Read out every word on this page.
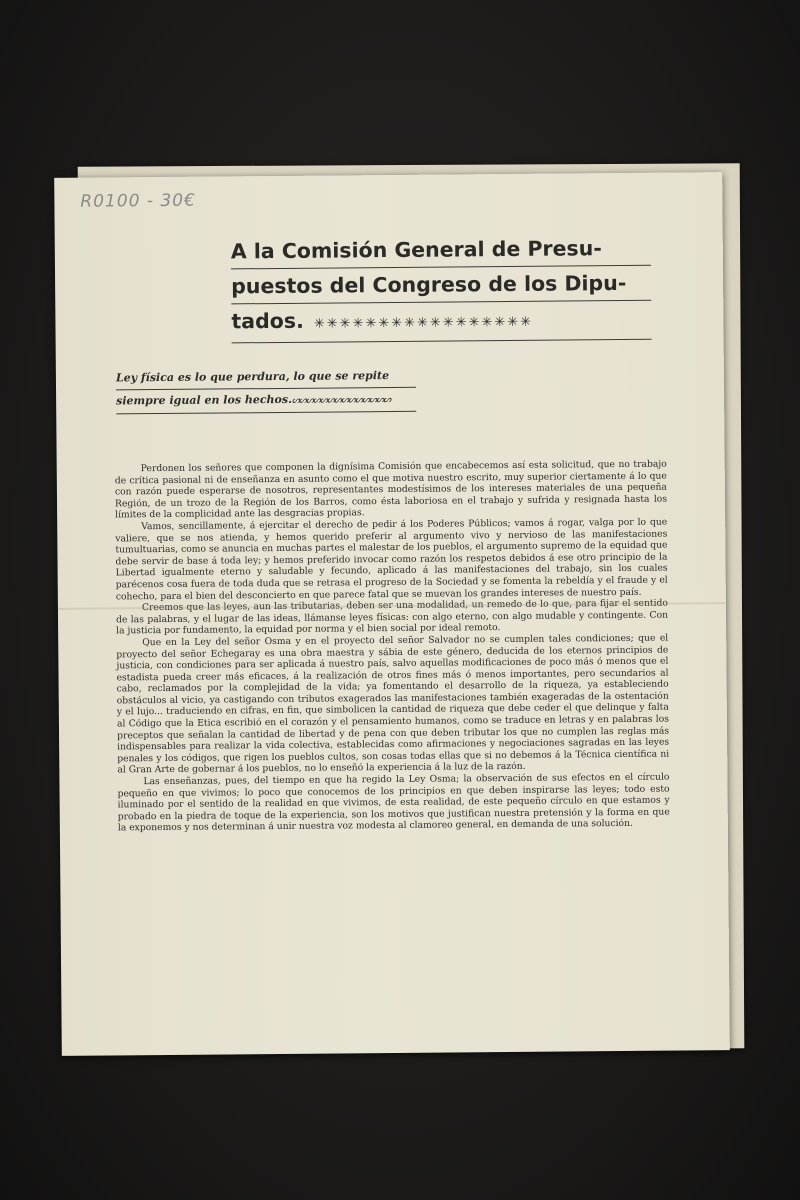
R0100 - 30€
A la Comisión General de Presu-
puestos del Congreso de los Dipu-
tados. ✳✳✳✳✳✳✳✳✳✳✳✳✳✳✳✳✳
Ley física es lo que perdura, lo que se repite
siempre igual en los hechos.ᔕᔕᔕᔕᔕᔕᔕᔕᔕᔕᔕᔕᔕᔕ

Perdonen los señores que componen la dignísima Comisión que encabecemos así esta solicitud, que no trabajo de crítica pasional ni de enseñanza en asunto como el que motiva nuestro escrito, muy superior ciertamente á lo que con razón puede esperarse de nosotros, representantes modestísimos de los intereses materiales de una pequeña Región, de un trozo de la Región de los Barros, como ésta laboriosa en el trabajo y sufrida y resignada hasta los límites de la complicidad ante las desgracias propias.

Vamos, sencillamente, á ejercitar el derecho de pedir á los Poderes Públicos; vamos á rogar, valga por lo que valiere, que se nos atienda, y hemos querido preferir al argumento vivo y nervioso de las manifestaciones tumultuarias, como se anuncia en muchas partes el malestar de los pueblos, el argumento supremo de la equidad que debe servir de base á toda ley; y hemos preferido invocar como razón los respetos debidos á ese otro principio de la Libertad igualmente eterno y saludable y fecundo, aplicado á las manifestaciones del trabajo, sin los cuales parécenos cosa fuera de toda duda que se retrasa el progreso de la Sociedad y se fomenta la rebeldía y el fraude y el cohecho, para el bien del desconcierto en que parece fatal que se muevan los grandes intereses de nuestro país.

Creemos que las leyes, aun las tributarias, deben ser una modalidad, un remedo de lo que, para fijar el sentido de las palabras, y el lugar de las ideas, llámanse leyes físicas: con algo eterno, con algo mudable y contingente. Con la justicia por fundamento, la equidad por norma y el bien social por ideal remoto.

Que en la Ley del señor Osma y en el proyecto del señor Salvador no se cumplen tales condiciones; que el proyecto del señor Echegaray es una obra maestra y sábia de este género, deducida de los eternos principios de justicia, con condiciones para ser aplicada á nuestro país, salvo aquellas modificaciones de poco más ó menos que el estadista pueda creer más eficaces, á la realización de otros fines más ó menos importantes, pero secundarios al cabo, reclamados por la complejidad de la vida; ya fomentando el desarrollo de la riqueza, ya estableciendo obstáculos al vicio, ya castigando con tributos exagerados las manifestaciones también exageradas de la ostentación y el lujo... traduciendo en cifras, en fin, que simbolicen la cantidad de riqueza que debe ceder el que delinque y falta al Código que la Etica escribió en el corazón y el pensamiento humanos, como se traduce en letras y en palabras los preceptos que señalan la cantidad de libertad y de pena con que deben tributar los que no cumplen las reglas más indispensables para realizar la vida colectiva, establecidas como afirmaciones y negociaciones sagradas en las leyes penales y los códigos, que rigen los pueblos cultos, son cosas todas ellas que si no debemos á la Técnica científica ni al Gran Arte de gobernar á los pueblos, no lo enseñó la experiencia á la luz de la razón.

Las enseñanzas, pues, del tiempo en que ha regido la Ley Osma; la observación de sus efectos en el círculo pequeño en que vivimos; lo poco que conocemos de los principios en que deben inspirarse las leyes; todo esto iluminado por el sentido de la realidad en que vivimos, de esta realidad, de este pequeño círculo en que estamos y probado en la piedra de toque de la experiencia, son los motivos que justifican nuestra pretensión y la forma en que la exponemos y nos determinan á unir nuestra voz modesta al clamoreo general, en demanda de una solución.
